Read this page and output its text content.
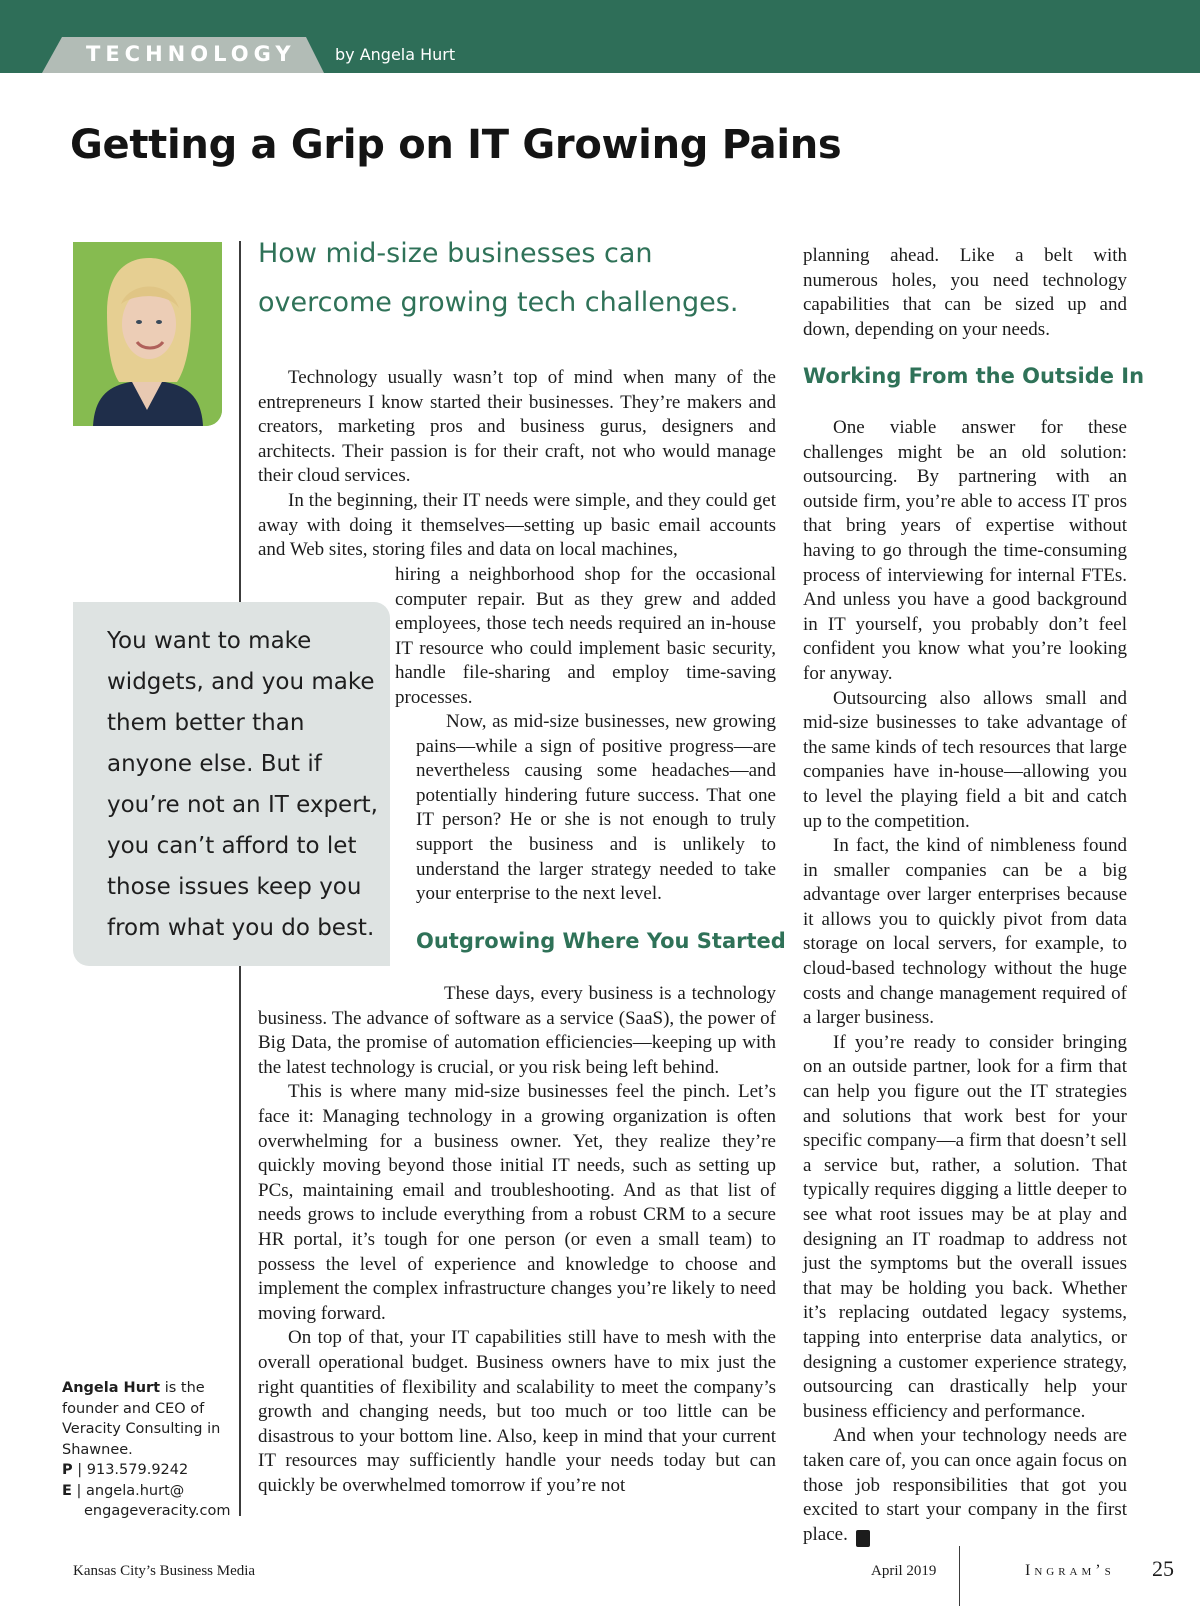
TECHNOLOGY by Angela Hurt
Getting a Grip on IT Growing Pains
How mid-size businesses can overcome growing tech challenges.

Technology usually wasn’t top of mind when many of the entrepreneurs I know started their businesses. They’re makers and creators, marketing pros and business gurus, designers and architects. Their passion is for their craft, not who would manage their cloud services.

In the beginning, their IT needs were simple, and they could get away with doing it themselves—setting up basic email accounts and Web sites, storing files and data on local machines,

hiring a neighborhood shop for the occasional computer repair. But as they grew and added employees, those tech needs required an in-house IT resource who could implement basic security, handle file-sharing and employ time-saving processes.

Now, as mid-size businesses, new growing pains—while a sign of positive progress—are nevertheless causing some headaches—and potentially hindering future success. That one IT person? He or she is not enough to truly support the business and is unlikely to understand the larger strategy needed to take your enterprise to the next level.

You want to make widgets, and you make them better than anyone else. But if you’re not an IT expert, you can’t afford to let those issues keep you from what you do best.	Outgrowing Where You Started

These days, every business is a technology business. The advance of software as a service (SaaS), the power of Big Data, the promise of automation efficiencies—keeping up with the latest technology is crucial, or you risk being left behind.

This is where many mid-size businesses feel the pinch. Let’s face it: Managing technology in a growing organization is often overwhelming for a business owner. Yet, they realize they’re quickly moving beyond those initial IT needs, such as setting up PCs, maintaining email and troubleshooting. And as that list of needs grows to include everything from a robust CRM to a secure HR portal, it’s tough for one person (or even a small team) to possess the level of experience and knowledge to choose and implement the complex infrastructure changes you’re likely to need moving forward.

On top of that, your IT capabilities still have to mesh with the overall operational budget. Business owners have to mix just the right quantities of flexibility and scalability to meet the company’s growth and changing needs, but too much or too little can be disastrous to your bottom line. Also, keep in mind that your current IT resources may sufficiently handle your needs today but can quickly be overwhelmed tomorrow if you’re not

planning ahead. Like a belt with numerous holes, you need technology capabilities that can be sized up and down, depending on your needs.

Working From the Outside In

One viable answer for these challenges might be an old solution: outsourcing. By partnering with an outside firm, you’re able to access IT pros that bring years of expertise without having to go through the time-consuming process of interviewing for internal FTEs. And unless you have a good background in IT yourself, you probably don’t feel confident you know what you’re looking for anyway.

Outsourcing also allows small and mid-size businesses to take advantage of the same kinds of tech resources that large companies have in-house—allowing you to level the playing field a bit and catch up to the competition.

In fact, the kind of nimbleness found in smaller companies can be a big advantage over larger enterprises because it allows you to quickly pivot from data storage on local servers, for example, to cloud-based technology without the huge costs and change management required of a larger business.

If you’re ready to consider bringing on an outside partner, look for a firm that can help you figure out the IT strategies and solutions that work best for your specific company—a firm that doesn’t sell a service but, rather, a solution. That typically requires digging a little deeper to see what root issues may be at play and designing an IT roadmap to address not just the symptoms but the overall issues that may be holding you back. Whether it’s replacing outdated legacy systems, tapping into enterprise data analytics, or designing a customer experience strategy, outsourcing can drastically help your business efficiency and performance.

And when your technology needs are taken care of, you can once again focus on those job responsibilities that got you excited to start your company in the first place.	I

Angela Hurt is the founder and CEO of Veracity Consulting in Shawnee.
P | 913.579.9242
E | angela.hurt@
engageveracity.com
Kansas City’s Business Media	April 2019	Ingram’s 25
